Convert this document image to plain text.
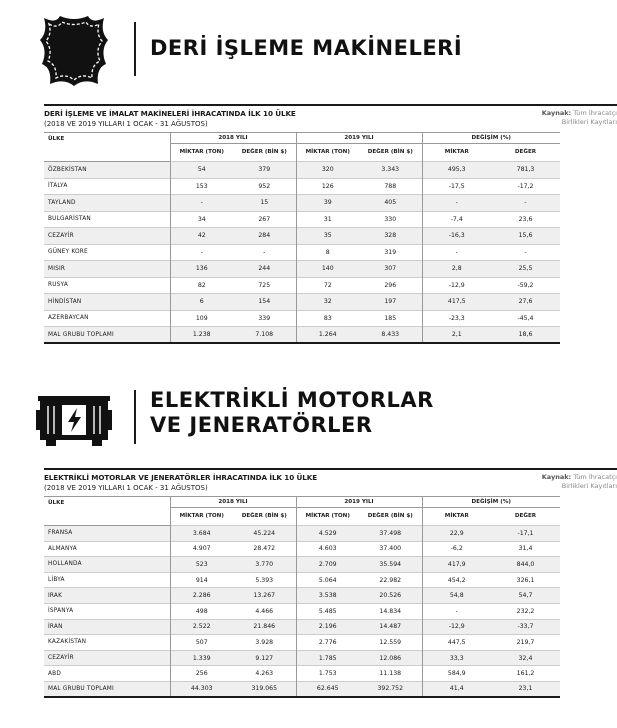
DERİ İŞLEME MAKİNELERİ
DERİ İŞLEME VE İMALAT MAKİNELERİ İHRACATINDA İLK 10 ÜLKE
(2018 VE 2019 YILLARI 1 OCAK - 31 AĞUSTOS)
Kaynak: Tüm İhracatçı
Birlikleri Kayıtları
ÜLKE	2018 YILI		2019 YILI		DEĞİŞİM (%)	
	MİKTAR (TON)	DEĞER (BİN $)	MİKTAR (TON)	DEĞER (BİN $)	MİKTAR	DEĞER
ÖZBEKİSTAN	54	379	320	3.343	495,3	781,3
İTALYA	153	952	126	788	-17,5	-17,2
TAYLAND	-	15	39	405	-	-
BULGARİSTAN	34	267	31	330	-7,4	23,6
CEZAYİR	42	284	35	328	-16,3	15,6
GÜNEY KORE	-	-	8	319	-	-
MISIR	136	244	140	307	2,8	25,5
RUSYA	82	725	72	296	-12,9	-59,2
HİNDİSTAN	6	154	32	197	417,5	27,6
AZERBAYCAN	109	339	83	185	-23,3	-45,4
MAL GRUBU TOPLAMI	1.238	7.108	1.264	8.433	2,1	18,6
ELEKTRİKLİ MOTORLAR VE JENERATÖRLER
ELEKTRİKLİ MOTORLAR VE JENERATÖRLER İHRACATINDA İLK 10 ÜLKE
(2018 VE 2019 YILLARI 1 OCAK - 31 AĞUSTOS)
Kaynak: Tüm İhracatçı
Birlikleri Kayıtları
ÜLKE	2018 YILI		2019 YILI		DEĞİŞİM (%)	
	MİKTAR (TON)	DEĞER (BİN $)	MİKTAR (TON)	DEĞER (BİN $)	MİKTAR	DEĞER
FRANSA	3.684	45.224	4.529	37.498	22,9	-17,1
ALMANYA	4.907	28.472	4.603	37.400	-6,2	31,4
HOLLANDA	523	3.770	2.709	35.594	417,9	844,0
LİBYA	914	5.393	5.064	22.982	454,2	326,1
IRAK	2.286	13.267	3.538	20.526	54,8	54,7
İSPANYA	498	4.466	5.485	14.834	-	232,2
İRAN	2.522	21.846	2.196	14.487	-12,9	-33,7
KAZAKİSTAN	507	3.928	2.776	12.559	447,5	219,7
CEZAYİR	1.339	9.127	1.785	12.086	33,3	32,4
ABD	256	4.263	1.753	11.138	584,9	161,2
MAL GRUBU TOPLAMI	44.303	319.065	62.645	392.752	41,4	23,1
